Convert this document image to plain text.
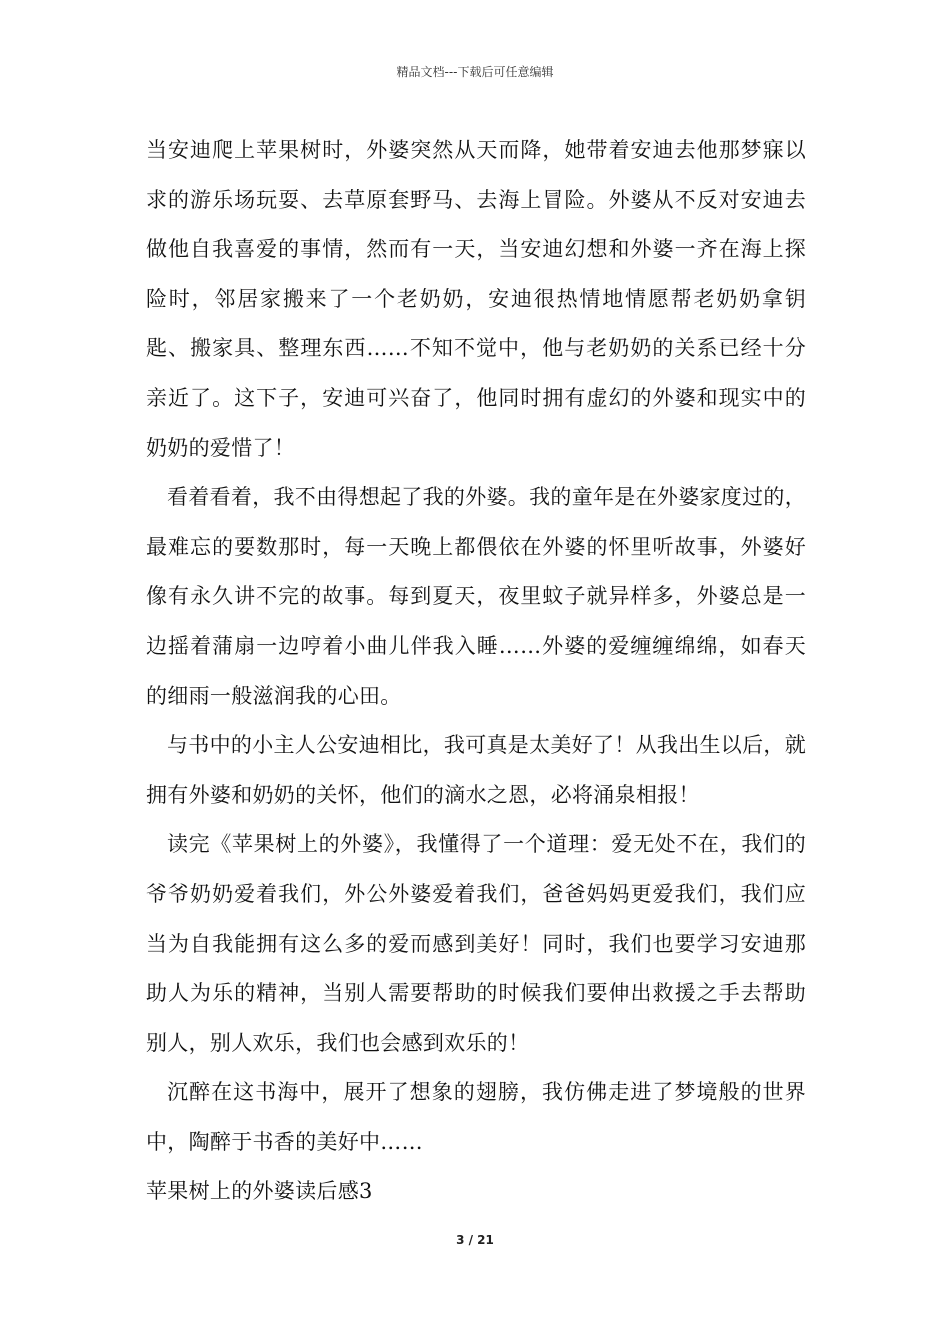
精品文档---下载后可任意编辑

当安迪爬上苹果树时，外婆突然从天而降，她带着安迪去他那梦寐以求的游乐场玩耍、去草原套野马、去海上冒险。外婆从不反对安迪去做他自我喜爱的事情，然而有一天，当安迪幻想和外婆一齐在海上探险时，邻居家搬来了一个老奶奶，安迪很热情地情愿帮老奶奶拿钥匙、搬家具、整理东西……不知不觉中，他与老奶奶的关系已经十分亲近了。这下子，安迪可兴奋了，他同时拥有虚幻的外婆和现实中的奶奶的爱惜了！

看着看着，我不由得想起了我的外婆。我的童年是在外婆家度过的，最难忘的要数那时，每一天晚上都偎依在外婆的怀里听故事，外婆好像有永久讲不完的故事。每到夏天，夜里蚊子就异样多，外婆总是一边摇着蒲扇一边哼着小曲儿伴我入睡……外婆的爱缠缠绵绵，如春天的细雨一般滋润我的心田。

与书中的小主人公安迪相比，我可真是太美好了！从我出生以后，就拥有外婆和奶奶的关怀，他们的滴水之恩，必将涌泉相报！

读完《苹果树上的外婆》，我懂得了一个道理：爱无处不在，我们的爷爷奶奶爱着我们，外公外婆爱着我们，爸爸妈妈更爱我们，我们应当为自我能拥有这么多的爱而感到美好！同时，我们也要学习安迪那助人为乐的精神，当别人需要帮助的时候我们要伸出救援之手去帮助别人，别人欢乐，我们也会感到欢乐的！

沉醉在这书海中，展开了想象的翅膀，我仿佛走进了梦境般的世界中，陶醉于书香的美好中……

苹果树上的外婆读后感3

3 / 21
